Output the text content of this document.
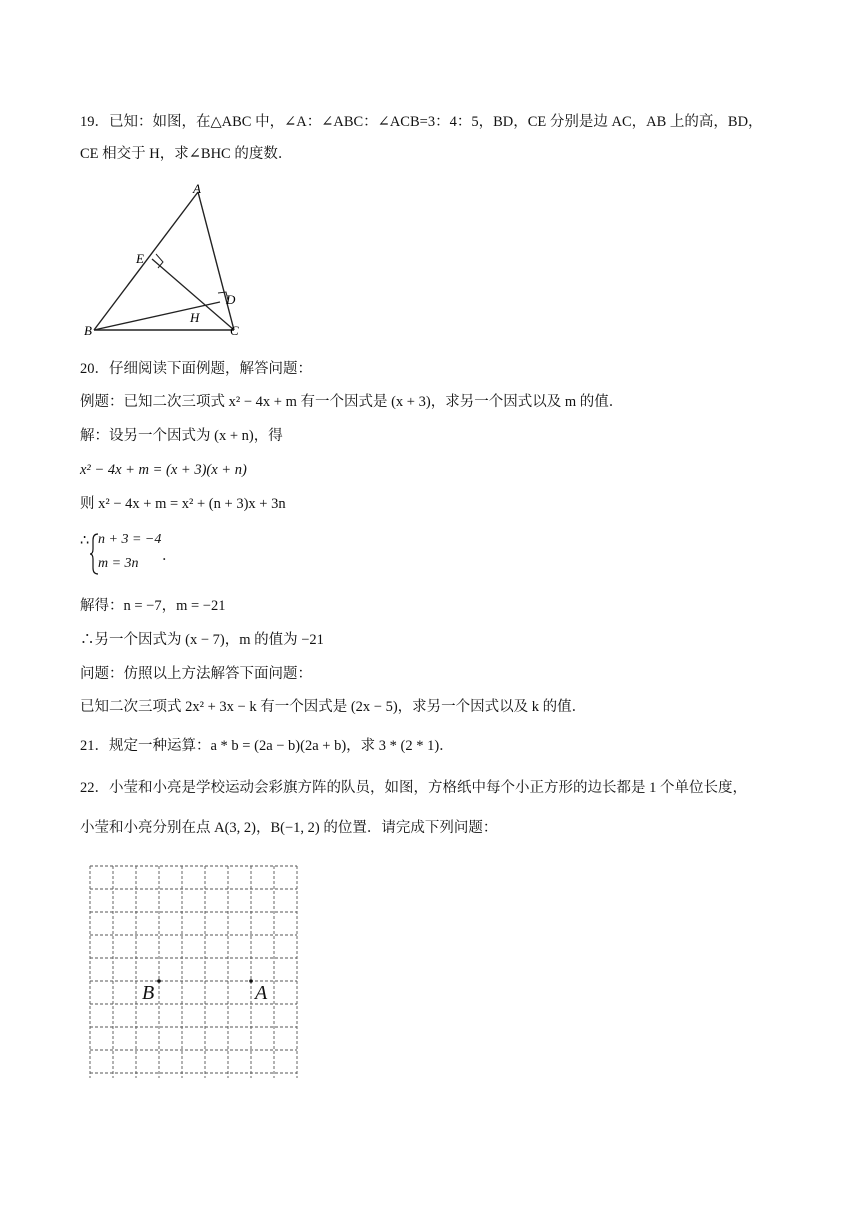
19．已知：如图，在△ABC 中，∠A：∠ABC：∠ACB=3：4：5，BD，CE 分别是边 AC，AB 上的高，BD，
CE 相交于 H，求∠BHC 的度数．
A
B	C
D
E
H
20．仔细阅读下面例题，解答问题：
例题：已知二次三项式 x² − 4x + m 有一个因式是 (x + 3)，求另一个因式以及 m 的值．
解：设另一个因式为 (x + n)，得
x² − 4x + m = (x + 3)(x + n)
则 x² − 4x + m = x² + (n + 3)x + 3n
∴ n + 3 = −4
m = 3n ．
解得：n = −7，m = −21
∴另一个因式为 (x − 7)，m 的值为 −21
问题：仿照以上方法解答下面问题：
已知二次三项式 2x² + 3x − k 有一个因式是 (2x − 5)，求另一个因式以及 k 的值．
21．规定一种运算：a * b = (2a − b)(2a + b)，求 3 * (2 * 1)．
22．小莹和小亮是学校运动会彩旗方阵的队员，如图，方格纸中每个小正方形的边长都是 1 个单位长度，
小莹和小亮分别在点 A(3, 2)，B(−1, 2) 的位置．请完成下列问题：
B	A
